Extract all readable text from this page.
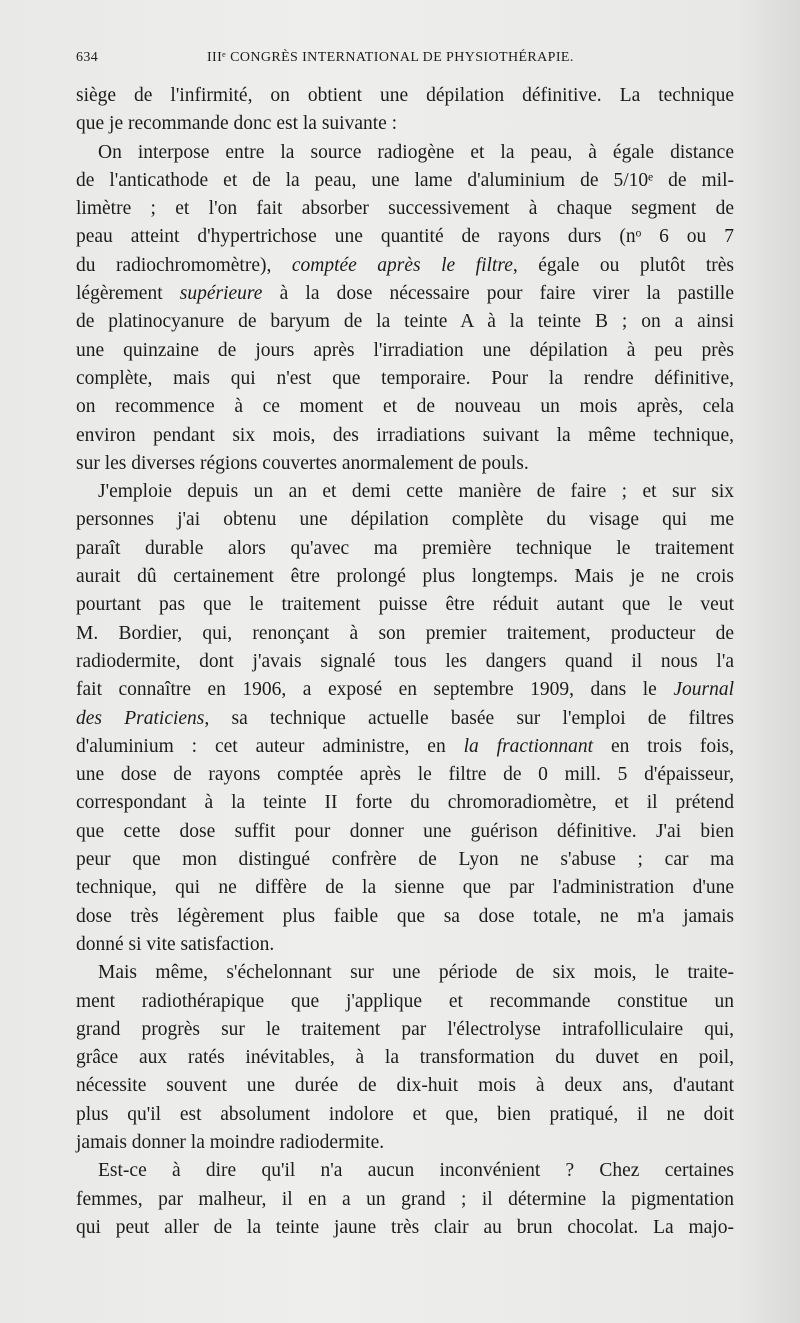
634	IIIᵉ CONGRÈS INTERNATIONAL DE PHYSIOTHÉRAPIE.
siège de l'infirmité, on obtient une dépilation définitive. La technique
que je recommande donc est la suivante :
On interpose entre la source radiogène et la peau, à égale distance
de l'anticathode et de la peau, une lame d'aluminium de 5/10ᵉ de mil-
limètre ; et l'on fait absorber successivement à chaque segment de
peau atteint d'hypertrichose une quantité de rayons durs (nᵒ 6 ou 7
du radiochromomètre), comptée après le filtre, égale ou plutôt très
légèrement supérieure à la dose nécessaire pour faire virer la pastille
de platinocyanure de baryum de la teinte A à la teinte B ; on a ainsi
une quinzaine de jours après l'irradiation une dépilation à peu près
complète, mais qui n'est que temporaire. Pour la rendre définitive,
on recommence à ce moment et de nouveau un mois après, cela
environ pendant six mois, des irradiations suivant la même technique,
sur les diverses régions couvertes anormalement de pouls.
J'emploie depuis un an et demi cette manière de faire ; et sur six
personnes j'ai obtenu une dépilation complète du visage qui me
paraît durable alors qu'avec ma première technique le traitement
aurait dû certainement être prolongé plus longtemps. Mais je ne crois
pourtant pas que le traitement puisse être réduit autant que le veut
M. Bordier, qui, renonçant à son premier traitement, producteur de
radiodermite, dont j'avais signalé tous les dangers quand il nous l'a
fait connaître en 1906, a exposé en septembre 1909, dans le Journal
des Praticiens, sa technique actuelle basée sur l'emploi de filtres
d'aluminium : cet auteur administre, en la fractionnant en trois fois,
une dose de rayons comptée après le filtre de 0 mill. 5 d'épaisseur,
correspondant à la teinte II forte du chromoradiomètre, et il prétend
que cette dose suffit pour donner une guérison définitive. J'ai bien
peur que mon distingué confrère de Lyon ne s'abuse ; car ma
technique, qui ne diffère de la sienne que par l'administration d'une
dose très légèrement plus faible que sa dose totale, ne m'a jamais
donné si vite satisfaction.
Mais même, s'échelonnant sur une période de six mois, le traite-
ment radiothérapique que j'applique et recommande constitue un
grand progrès sur le traitement par l'électrolyse intrafolliculaire qui,
grâce aux ratés inévitables, à la transformation du duvet en poil,
nécessite souvent une durée de dix-huit mois à deux ans, d'autant
plus qu'il est absolument indolore et que, bien pratiqué, il ne doit
jamais donner la moindre radiodermite.
Est-ce à dire qu'il n'a aucun inconvénient ? Chez certaines
femmes, par malheur, il en a un grand ; il détermine la pigmentation
qui peut aller de la teinte jaune très clair au brun chocolat. La majo-
